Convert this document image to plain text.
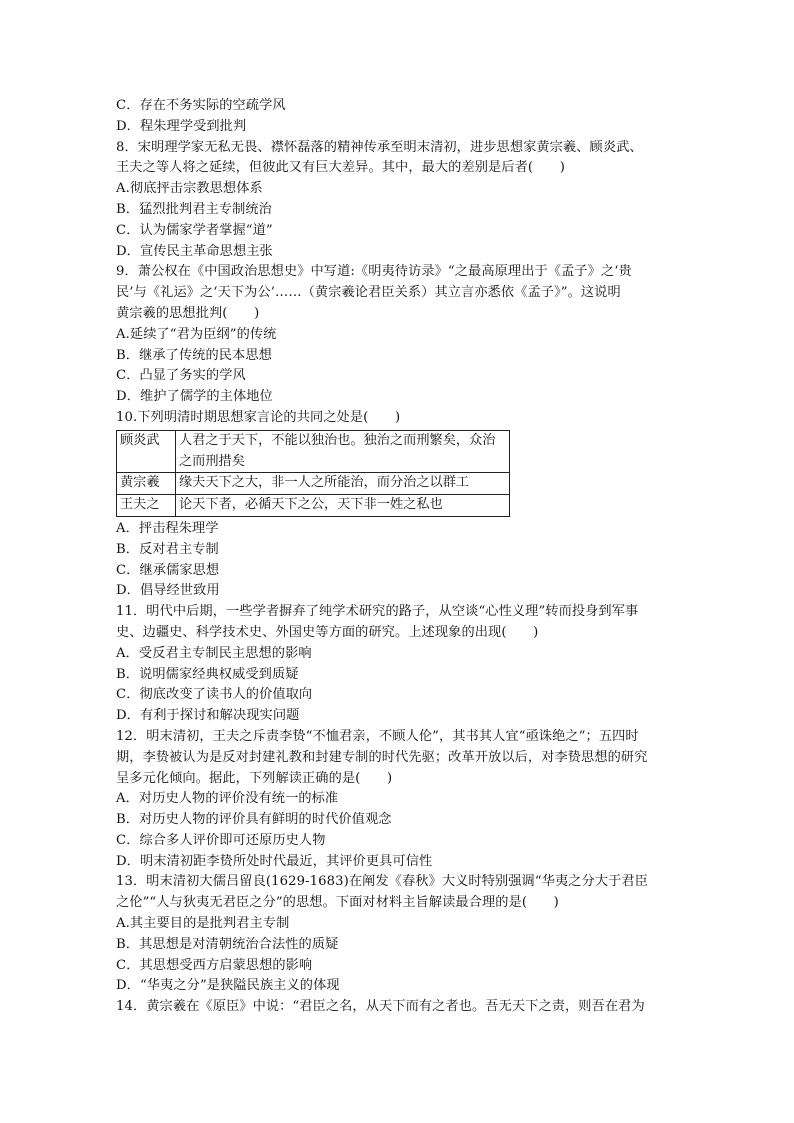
C．存在不务实际的空疏学风
D．程朱理学受到批判
8．宋明理学家无私无畏、襟怀磊落的精神传承至明末清初，进步思想家黄宗羲、顾炎武、
王夫之等人将之延续，但彼此又有巨大差异。其中，最大的差别是后者(　　)
A.彻底抨击宗教思想体系
B．猛烈批判君主专制统治
C．认为儒家学者掌握“道”
D．宣传民主革命思想主张
9．萧公权在《中国政治思想史》中写道:《明夷待访录》“之最高原理出于《孟子》之‘贵
民’与《礼运》之‘天下为公’……（黄宗羲论君臣关系）其立言亦悉依《孟子》”。这说明
黄宗羲的思想批判(　　)
A.延续了“君为臣纲”的传统
B．继承了传统的民本思想
C．凸显了务实的学风
D．维护了儒学的主体地位
10.下列明清时期思想家言论的共同之处是(　　)
顾炎武	人君之于天下，不能以独治也。独治之而刑繁矣，众治之而刑措矣
黄宗羲	缘夫天下之大，非一人之所能治，而分治之以群工
王夫之	论天下者，必循天下之公，天下非一姓之私也
A．抨击程朱理学
B．反对君主专制
C．继承儒家思想
D．倡导经世致用
11．明代中后期，一些学者摒弃了纯学术研究的路子，从空谈“心性义理”转而投身到军事
史、边疆史、科学技术史、外国史等方面的研究。上述现象的出现(　　)
A．受反君主专制民主思想的影响
B．说明儒家经典权威受到质疑
C．彻底改变了读书人的价值取向
D．有利于探讨和解决现实问题
12．明末清初，王夫之斥责李贽“不恤君亲，不顾人伦”，其书其人宜“亟诛绝之”；五四时
期，李贽被认为是反对封建礼教和封建专制的时代先驱；改革开放以后，对李贽思想的研究
呈多元化倾向。据此，下列解读正确的是(　　)
A．对历史人物的评价没有统一的标准
B．对历史人物的评价具有鲜明的时代价值观念
C．综合多人评价即可还原历史人物
D．明末清初距李贽所处时代最近，其评价更具可信性
13．明末清初大儒吕留良(1629-1683)在阐发《春秋》大义时特别强调“华夷之分大于君臣
之伦”“人与狄夷无君臣之分”的思想。下面对材料主旨解读最合理的是(　　)
A.其主要目的是批判君主专制
B．其思想是对清朝统治合法性的质疑
C．其思想受西方启蒙思想的影响
D．“华夷之分”是狭隘民族主义的体现
14．黄宗羲在《原臣》中说：“君臣之名，从天下而有之者也。吾无天下之责，则吾在君为
